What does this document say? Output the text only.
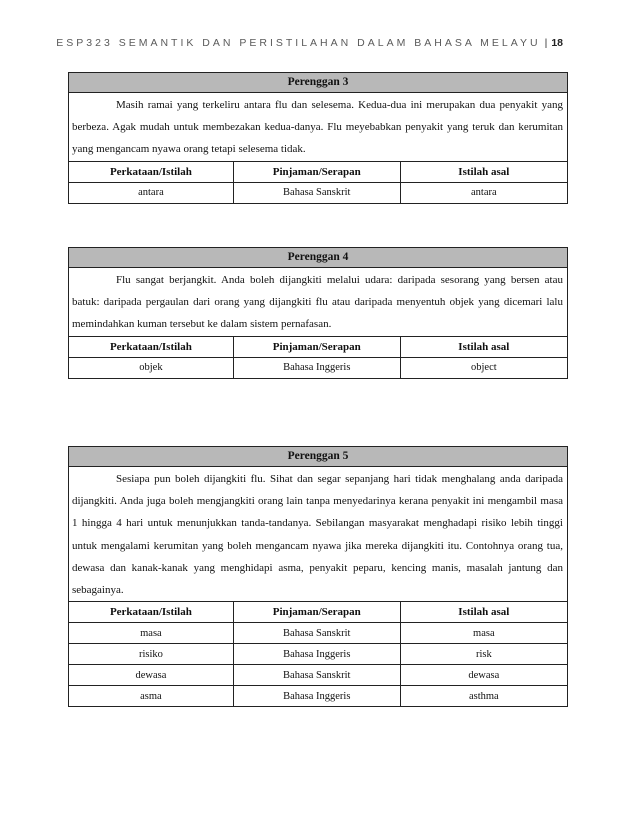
ESP323 SEMANTIK DAN PERISTILAHAN DALAM BAHASA MELAYU | 18
Perenggan 3
Masih ramai yang terkeliru antara flu dan selesema. Kedua-dua ini merupakan dua penyakit yang berbeza. Agak mudah untuk membezakan kedua-danya. Flu meyebabkan penyakit yang teruk dan kerumitan yang mengancam nyawa orang tetapi selesema tidak.
Perkataan/Istilah	Pinjaman/Serapan	Istilah asal
antara	Bahasa Sanskrit	antara
Perenggan 4
Flu sangat berjangkit. Anda boleh dijangkiti melalui udara: daripada sesorang yang bersen atau batuk: daripada pergaulan dari orang yang dijangkiti flu atau daripada menyentuh objek yang dicemari lalu memindahkan kuman tersebut ke dalam sistem pernafasan.
Perkataan/Istilah	Pinjaman/Serapan	Istilah asal
objek	Bahasa Inggeris	object
Perenggan 5
Sesiapa pun boleh dijangkiti flu. Sihat dan segar sepanjang hari tidak menghalang anda daripada dijangkiti. Anda juga boleh mengjangkiti orang lain tanpa menyedarinya kerana penyakit ini mengambil masa 1 hingga 4 hari untuk menunjukkan tanda-tandanya. Sebilangan masyarakat menghadapi risiko lebih tinggi untuk mengalami kerumitan yang boleh mengancam nyawa jika mereka dijangkiti itu. Contohnya orang tua, dewasa dan kanak-kanak yang menghidapi asma, penyakit peparu, kencing manis, masalah jantung dan sebagainya.
Perkataan/Istilah	Pinjaman/Serapan	Istilah asal
masa	Bahasa Sanskrit	masa
risiko	Bahasa Inggeris	risk
dewasa	Bahasa Sanskrit	dewasa
asma	Bahasa Inggeris	asthma
